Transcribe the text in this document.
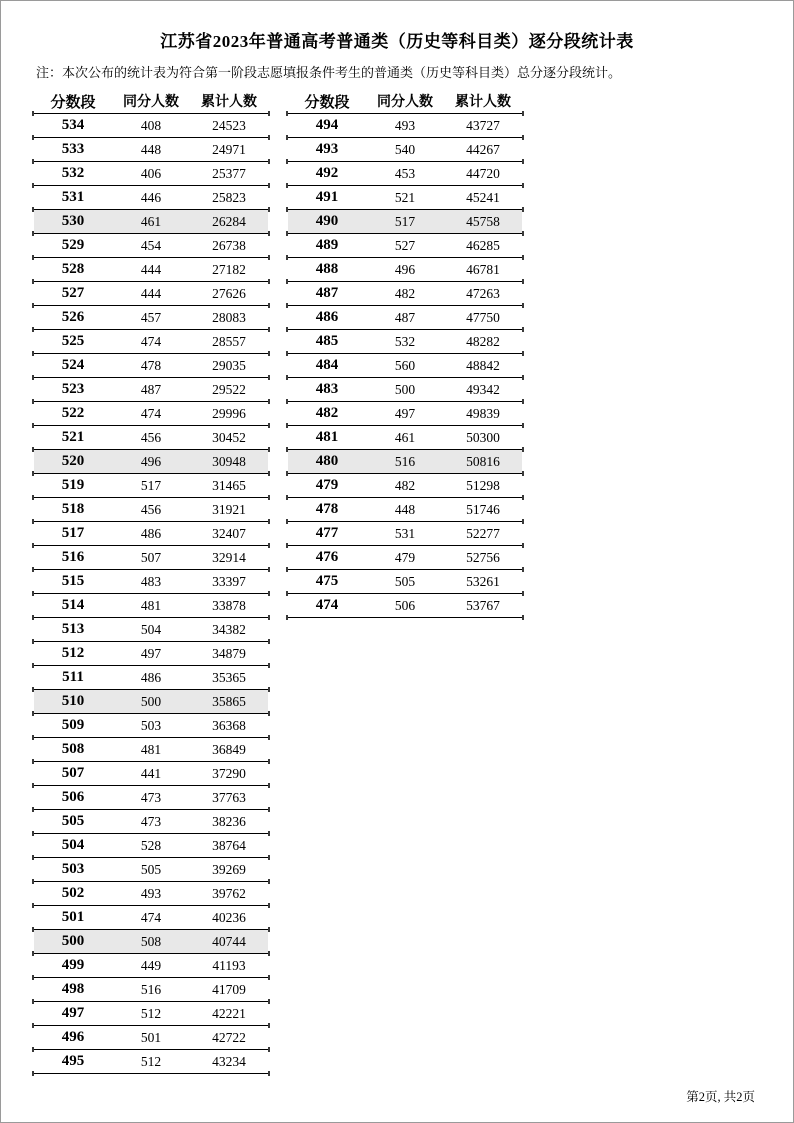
江苏省2023年普通高考普通类（历史等科目类）逐分段统计表
注：本次公布的统计表为符合第一阶段志愿填报条件考生的普通类（历史等科目类）总分逐分段统计。
分数段	同分人数	累计人数
534	408	24523
533	448	24971
532	406	25377
531	446	25823
530	461	26284
529	454	26738
528	444	27182
527	444	27626
526	457	28083
525	474	28557
524	478	29035
523	487	29522
522	474	29996
521	456	30452
520	496	30948
519	517	31465
518	456	31921
517	486	32407
516	507	32914
515	483	33397
514	481	33878
513	504	34382
512	497	34879
511	486	35365
510	500	35865
509	503	36368
508	481	36849
507	441	37290
506	473	37763
505	473	38236
504	528	38764
503	505	39269
502	493	39762
501	474	40236
500	508	40744
499	449	41193
498	516	41709
497	512	42221
496	501	42722
495	512	43234
分数段	同分人数	累计人数
494	493	43727
493	540	44267
492	453	44720
491	521	45241
490	517	45758
489	527	46285
488	496	46781
487	482	47263
486	487	47750
485	532	48282
484	560	48842
483	500	49342
482	497	49839
481	461	50300
480	516	50816
479	482	51298
478	448	51746
477	531	52277
476	479	52756
475	505	53261
474	506	53767
第2页, 共2页
